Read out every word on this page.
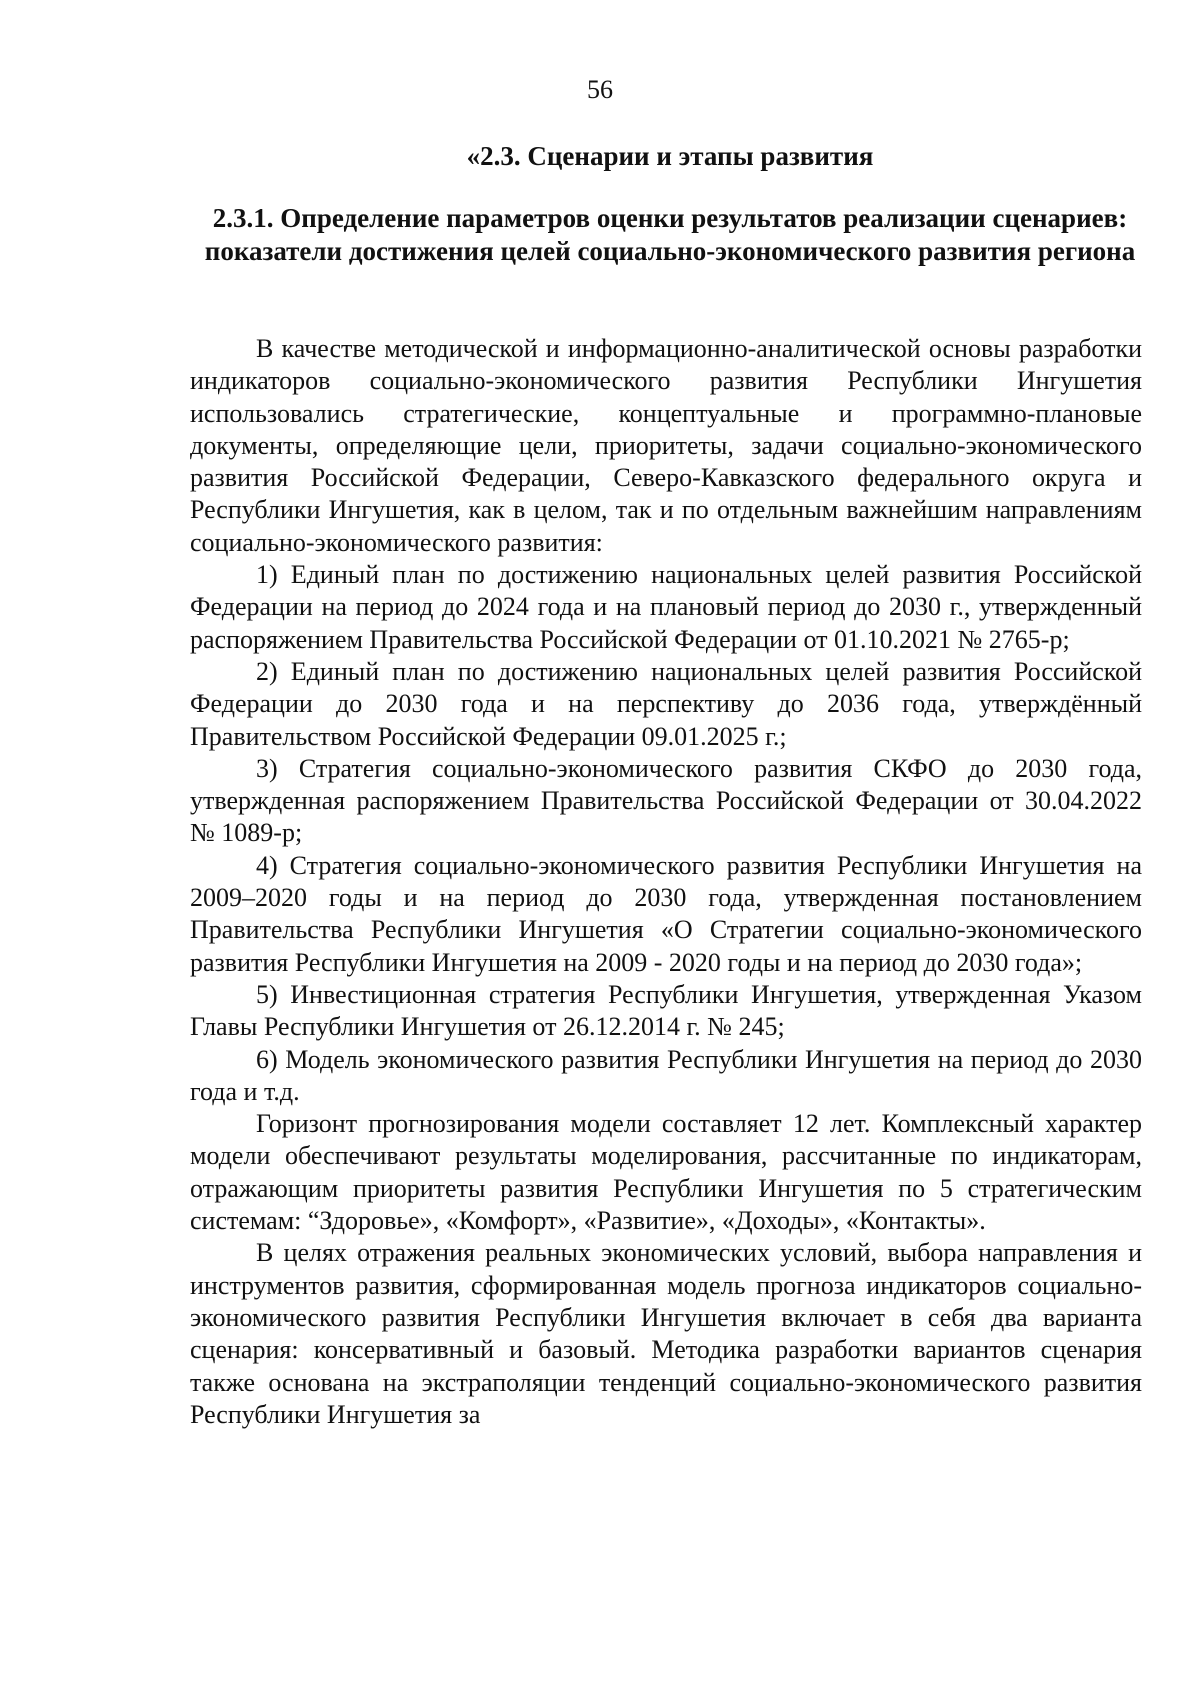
56
«2.3. Сценарии и этапы развития
2.3.1. Определение параметров оценки результатов реализации сценариев: показатели достижения целей социально-экономического развития региона

В качестве методической и информационно-аналитической основы разработки индикаторов социально-экономического развития Республики Ингушетия использовались стратегические, концептуальные и программно-плановые документы, определяющие цели, приоритеты, задачи социально-экономического развития Российской Федерации, Северо-Кавказского федерального округа и Республики Ингушетия, как в целом, так и по отдельным важнейшим направлениям социально-экономического развития:

1) Единый план по достижению национальных целей развития Российской Федерации на период до 2024 года и на плановый период до 2030 г., утвержденный распоряжением Правительства Российской Федерации от 01.10.2021 № 2765-р;

2) Единый план по достижению национальных целей развития Российской Федерации до 2030 года и на перспективу до 2036 года, утверждённый Правительством Российской Федерации 09.01.2025 г.;

3) Стратегия социально-экономического развития СКФО до 2030 года, утвержденная распоряжением Правительства Российской Федерации от 30.04.2022 № 1089-р;

4) Стратегия социально-экономического развития Республики Ингушетия на 2009–2020 годы и на период до 2030 года, утвержденная постановлением Правительства Республики Ингушетия «О Стратегии социально-экономического развития Республики Ингушетия на 2009 - 2020 годы и на период до 2030 года»;

5) Инвестиционная стратегия Республики Ингушетия, утвержденная Указом Главы Республики Ингушетия от 26.12.2014 г. № 245;

6) Модель экономического развития Республики Ингушетия на период до 2030 года и т.д.

Горизонт прогнозирования модели составляет 12 лет. Комплексный характер модели обеспечивают результаты моделирования, рассчитанные по индикаторам, отражающим приоритеты развития Республики Ингушетия по 5 стратегическим системам: “Здоровье», «Комфорт», «Развитие», «Доходы», «Контакты».

В целях отражения реальных экономических условий, выбора направления и инструментов развития, сформированная модель прогноза индикаторов социально-экономического развития Республики Ингушетия включает в себя два варианта сценария: консервативный и базовый. Методика разработки вариантов сценария также основана на экстраполяции тенденций социально-экономического развития Республики Ингушетия за
